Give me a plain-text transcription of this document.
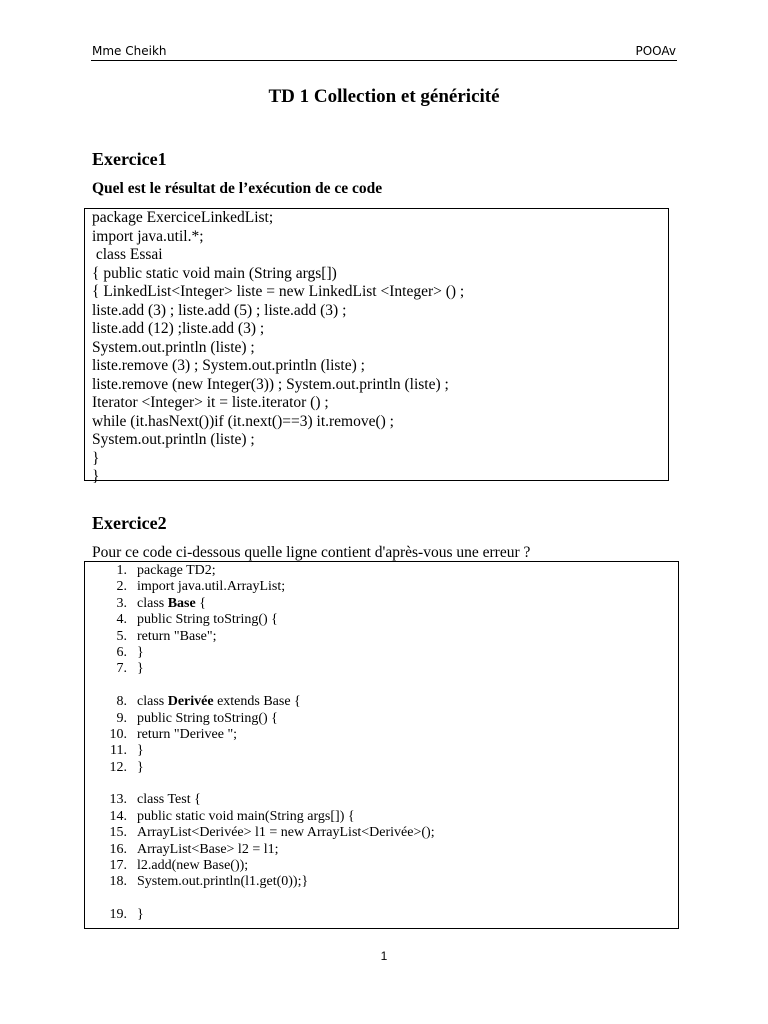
Mme Cheikh	POOAv
TD 1 Collection et généricité
Exercice1
Quel est le résultat de l’exécution de ce code
package ExerciceLinkedList;
import java.util.*;
class Essai
{ public static void main (String args[])
{ LinkedList<Integer> liste = new LinkedList <Integer> () ;
liste.add (3) ; liste.add (5) ; liste.add (3) ;
liste.add (12) ;liste.add (3) ;
System.out.println (liste) ;
liste.remove (3) ; System.out.println (liste) ;
liste.remove (new Integer(3)) ; System.out.println (liste) ;
Iterator <Integer> it = liste.iterator () ;
while (it.hasNext())if (it.next()==3) it.remove() ;
System.out.println (liste) ;
}
}
Exercice2
Pour ce code ci-dessous quelle ligne contient d'après-vous une erreur ?
1. package TD2;
2. import java.util.ArrayList;
3. class Base {
4. public String toString() {
5. return "Base";
6. }
7. }
8. class Derivée extends Base {
9. public String toString() {
10. return "Derivee ";
11. }
12. }
13. class Test {
14. public static void main(String args[]) {
15. ArrayList<Derivée> l1 = new ArrayList<Derivée>();
16. ArrayList<Base> l2 = l1;
17. l2.add(new Base());
18. System.out.println(l1.get(0));}
19. }
1
